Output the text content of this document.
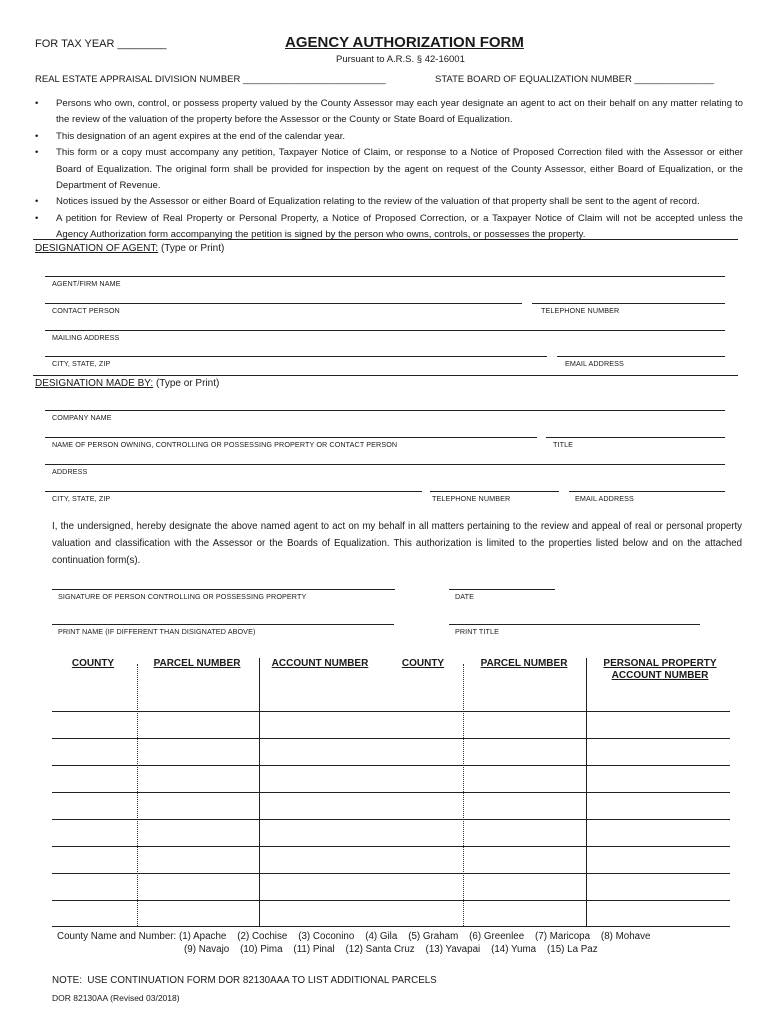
FOR TAX YEAR ________	AGENCY AUTHORIZATION FORM
Pursuant to A.R.S. § 42-16001
REAL ESTATE APPRAISAL DIVISION NUMBER ___________________________	STATE BOARD OF EQUALIZATION NUMBER _______________
• Persons who own, control, or possess property valued by the County Assessor may each year designate an agent to act on their behalf on any matter relating to the review of the valuation of the property before the Assessor or the County or State Board of Equalization.
• This designation of an agent expires at the end of the calendar year.
• This form or a copy must accompany any petition, Taxpayer Notice of Claim, or response to a Notice of Proposed Correction filed with the Assessor or either Board of Equalization. The original form shall be provided for inspection by the agent on request of the County Assessor, either Board of Equalization, or the Department of Revenue.
• Notices issued by the Assessor or either Board of Equalization relating to the review of the valuation of that property shall be sent to the agent of record.
• A petition for Review of Real Property or Personal Property, a Notice of Proposed Correction, or a Taxpayer Notice of Claim will not be accepted unless the Agency Authorization form accompanying the petition is signed by the person who owns, controls, or possesses the property.
DESIGNATION OF AGENT: (Type or Print)
AGENT/FIRM NAME
CONTACT PERSON	TELEPHONE NUMBER
MAILING ADDRESS
CITY, STATE, ZIP	EMAIL ADDRESS
DESIGNATION MADE BY: (Type or Print)
COMPANY NAME
NAME OF PERSON OWNING, CONTROLLING OR POSSESSING PROPERTY OR CONTACT PERSON	TITLE
ADDRESS
CITY, STATE, ZIP	TELEPHONE NUMBER	EMAIL ADDRESS
I, the undersigned, hereby designate the above named agent to act on my behalf in all matters pertaining to the review and appeal of real or personal property valuation and classification with the Assessor or the Boards of Equalization. This authorization is limited to the properties listed below and on the attached continuation form(s).
SIGNATURE OF PERSON CONTROLLING OR POSSESSING PROPERTY	DATE
PRINT NAME (IF DIFFERENT THAN DISIGNATED ABOVE)	PRINT TITLE
COUNTY	PARCEL NUMBER	ACCOUNT NUMBER	COUNTY	PARCEL NUMBER	PERSONAL PROPERTY
ACCOUNT NUMBER
County Name and Number: (1) Apache    (2) Cochise    (3) Coconino    (4) Gila    (5) Graham    (6) Greenlee    (7) Maricopa    (8) Mohave
(9) Navajo    (10) Pima    (11) Pinal    (12) Santa Cruz    (13) Yavapai    (14) Yuma    (15) La Paz
NOTE:  USE CONTINUATION FORM DOR 82130AAA TO LIST ADDITIONAL PARCELS
DOR 82130AA (Revised 03/2018)
